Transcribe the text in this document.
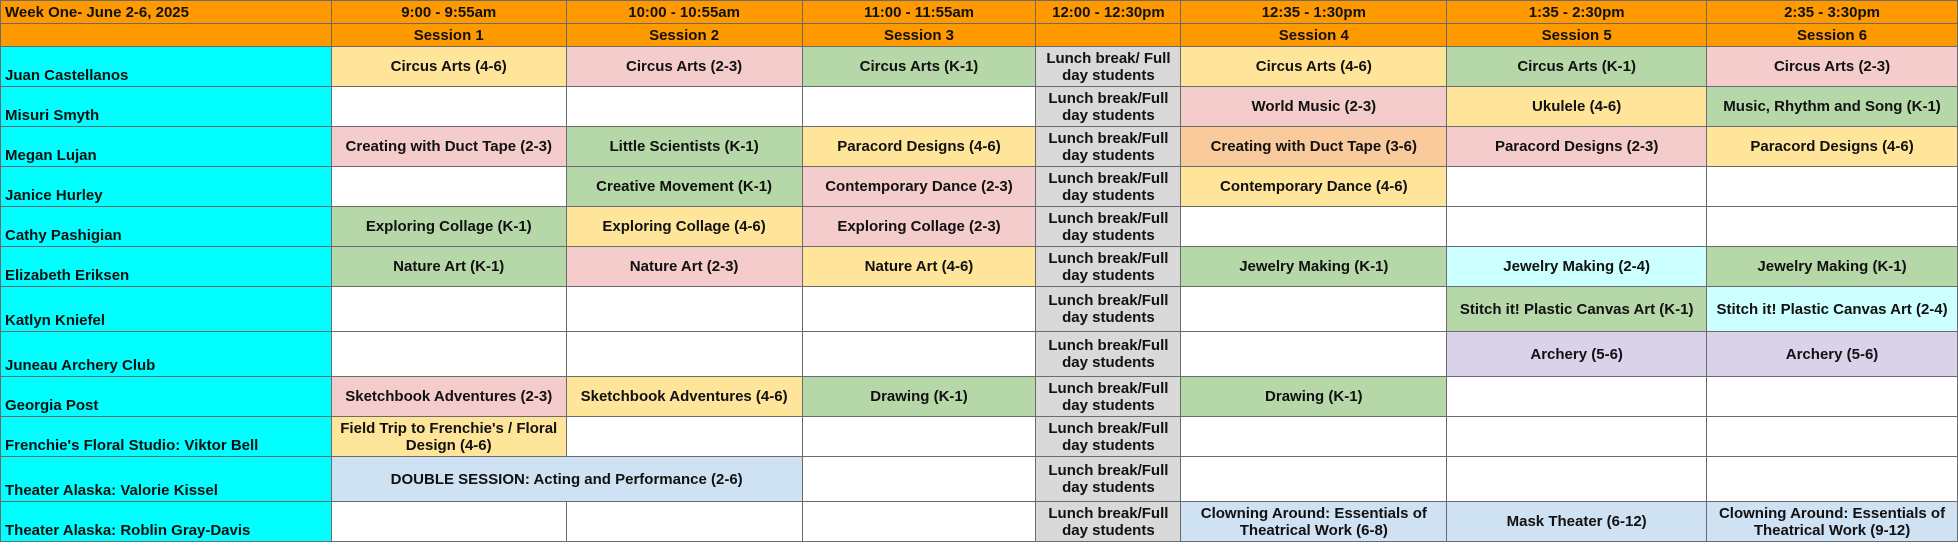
Week One- June 2-6, 2025	9:00 - 9:55am	10:00 - 10:55am	11:00 - 11:55am	12:00 - 12:30pm	12:35 - 1:30pm	1:35 - 2:30pm	2:35 - 3:30pm
	Session 1	Session 2	Session 3		Session 4	Session 5	Session 6
Juan Castellanos	Circus Arts (4-6)	Circus Arts (2-3)	Circus Arts (K-1)	Lunch break/ Full day students	Circus Arts (4-6)	Circus Arts (K-1)	Circus Arts (2-3)
Misuri Smyth				Lunch break/Full day students	World Music (2-3)	Ukulele (4-6)	Music, Rhythm and Song (K-1)
Megan Lujan	Creating with Duct Tape (2-3)	Little Scientists (K-1)	Paracord Designs (4-6)	Lunch break/Full day students	Creating with Duct Tape (3-6)	Paracord Designs (2-3)	Paracord Designs (4-6)
Janice Hurley		Creative Movement (K-1)	Contemporary Dance (2-3)	Lunch break/Full day students	Contemporary Dance (4-6)		
Cathy Pashigian	Exploring Collage (K-1)	Exploring Collage (4-6)	Exploring Collage (2-3)	Lunch break/Full day students			
Elizabeth Eriksen	Nature Art (K-1)	Nature Art (2-3)	Nature Art (4-6)	Lunch break/Full day students	Jewelry Making (K-1)	Jewelry Making (2-4)	Jewelry Making (K-1)
Katlyn Kniefel				Lunch break/Full day students		Stitch it! Plastic Canvas Art (K-1)	Stitch it! Plastic Canvas Art (2-4)
Juneau Archery Club				Lunch break/Full day students		Archery (5-6)	Archery (5-6)
Georgia Post	Sketchbook Adventures (2-3)	Sketchbook Adventures (4-6)	Drawing (K-1)	Lunch break/Full day students	Drawing (K-1)		
Frenchie's Floral Studio: Viktor Bell	Field Trip to Frenchie's / Floral Design (4-6)			Lunch break/Full day students			
Theater Alaska: Valorie Kissel	DOUBLE SESSION: Acting and Performance (2-6)			Lunch break/Full day students			
Theater Alaska: Roblin Gray-Davis				Lunch break/Full day students	Clowning Around: Essentials of Theatrical Work (6-8)	Mask Theater (6-12)	Clowning Around: Essentials of Theatrical Work (9-12)
